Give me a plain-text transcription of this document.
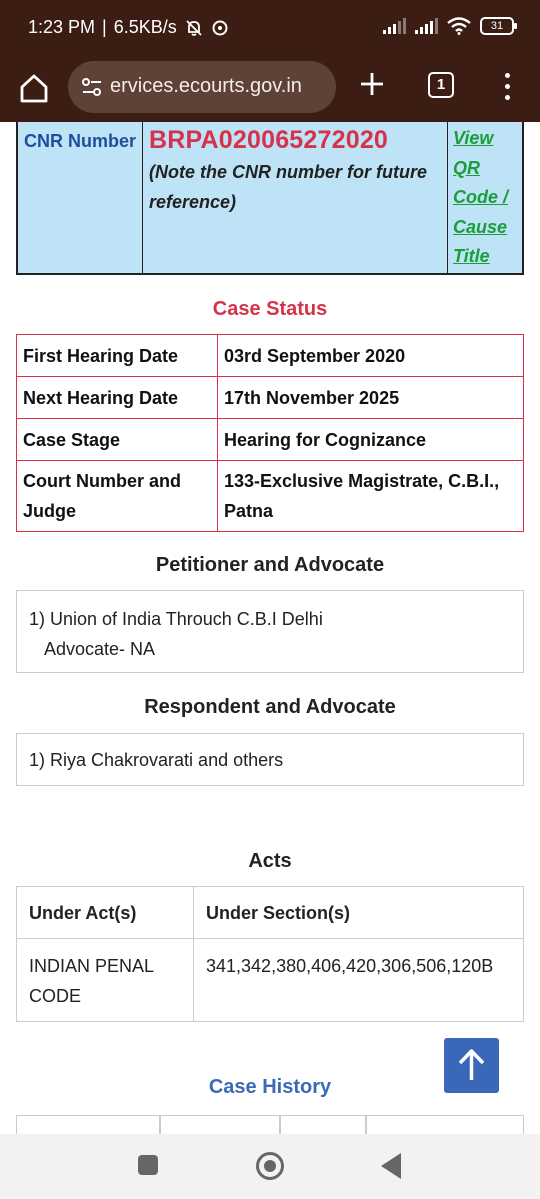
1:23 PM | 6.5KB/s	31
ervices.ecourts.gov.in	1
CNR Number BRPA020065272020
(Note the CNR number for future reference)
View QR Code / Cause Title
Case Status
First Hearing Date	03rd September 2020
Next Hearing Date	17th November 2025
Case Stage	Hearing for Cognizance
Court Number and Judge	133-Exclusive Magistrate, C.B.I., Patna
Petitioner and Advocate
1) Union of India Throuch C.B.I Delhi
Advocate- NA
Respondent and Advocate
1) Riya Chakrovarati and others
Acts
Under Act(s)	Under Section(s)
INDIAN PENAL CODE	341,342,380,406,420,306,506,120B
Case History
